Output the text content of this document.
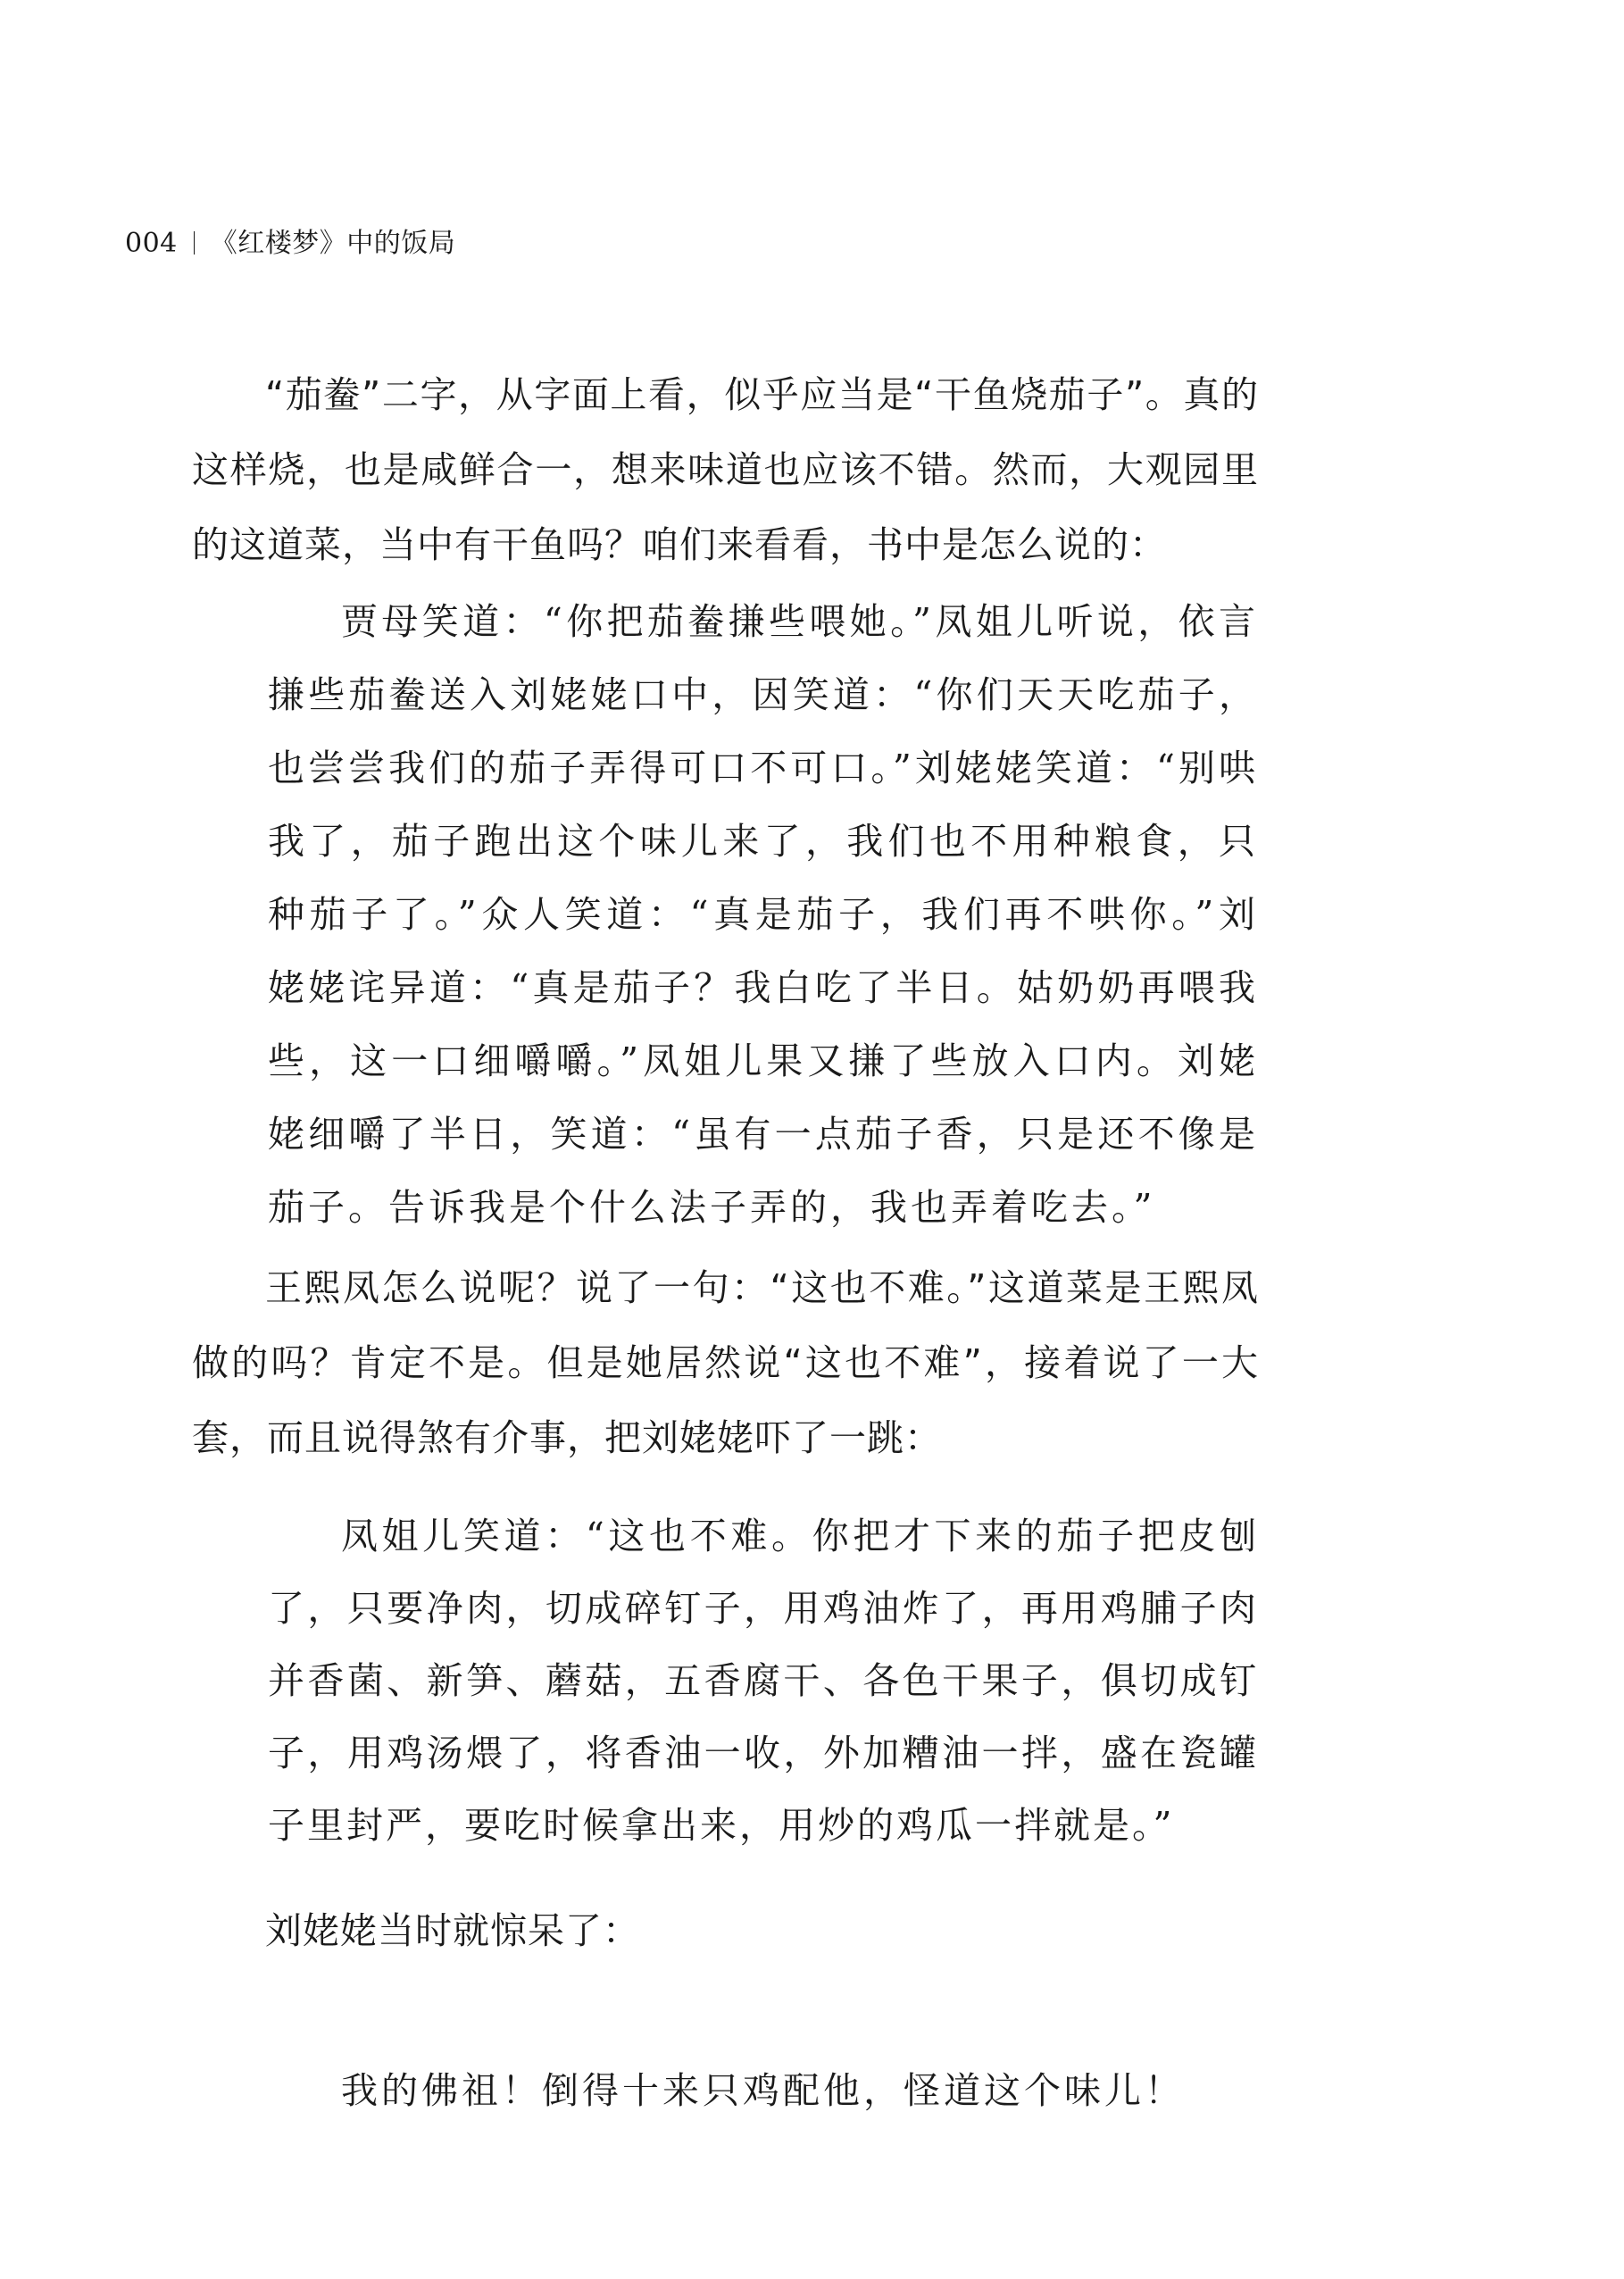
004 《红楼梦》中的饭局

“茄鲞”二字，从字面上看，似乎应当是“干鱼烧茄子”。真的这样烧，也是咸鲜合一，想来味道也应该不错。然而，大观园里的这道菜，当中有干鱼吗？咱们来看看，书中是怎么说的：

贾母笑道：“你把茄鲞搛些喂她。”凤姐儿听说，依言搛些茄鲞送入刘姥姥口中，因笑道：“你们天天吃茄子，也尝尝我们的茄子弄得可口不可口。”刘姥姥笑道：“别哄我了，茄子跑出这个味儿来了，我们也不用种粮食，只种茄子了。”众人笑道：“真是茄子，我们再不哄你。”刘姥姥诧异道：“真是茄子？我白吃了半日。姑奶奶再喂我些，这一口细嚼嚼。”凤姐儿果又搛了些放入口内。刘姥姥细嚼了半日，笑道：“虽有一点茄子香，只是还不像是茄子。告诉我是个什么法子弄的，我也弄着吃去。”

王熙凤怎么说呢？说了一句：“这也不难。”这道菜是王熙凤做的吗？肯定不是。但是她居然说“这也不难”，接着说了一大套，而且说得煞有介事，把刘姥姥吓了一跳：

凤姐儿笑道：“这也不难。你把才下来的茄子把皮刨了，只要净肉，切成碎钉子，用鸡油炸了，再用鸡脯子肉并香菌、新笋、蘑菇，五香腐干、各色干果子，俱切成钉子，用鸡汤煨了，将香油一收，外加糟油一拌，盛在瓷罐子里封严，要吃时候拿出来，用炒的鸡瓜一拌就是。”

刘姥姥当时就惊呆了：

我的佛祖！倒得十来只鸡配他，怪道这个味儿！
